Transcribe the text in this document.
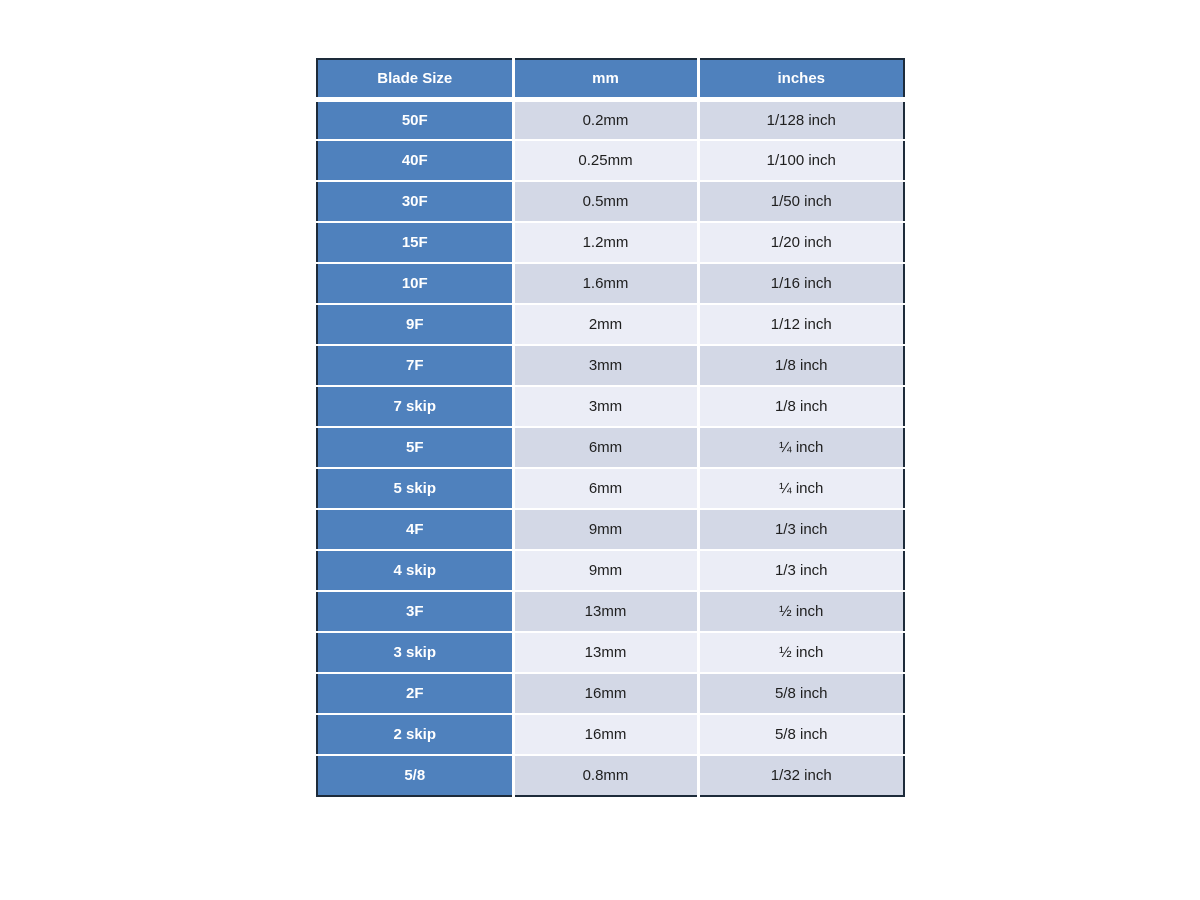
Blade Size	mm	inches
50F	0.2mm	1/128 inch
40F	0.25mm	1/100 inch
30F	0.5mm	1/50 inch
15F	1.2mm	1/20 inch
10F	1.6mm	1/16 inch
9F	2mm	1/12 inch
7F	3mm	1/8 inch
7 skip	3mm	1/8 inch
5F	6mm	¼ inch
5 skip	6mm	¼ inch
4F	9mm	1/3 inch
4 skip	9mm	1/3 inch
3F	13mm	½ inch
3 skip	13mm	½ inch
2F	16mm	5/8 inch
2 skip	16mm	5/8 inch
5/8	0.8mm	1/32 inch
